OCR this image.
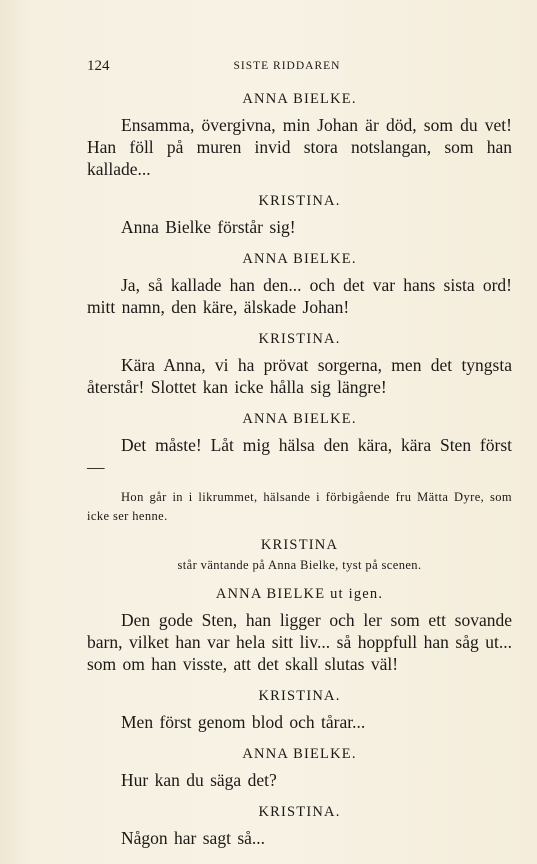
124	SISTE RIDDAREN

ANNA BIELKE.

Ensamma, övergivna, min Johan är död, som du vet! Han föll på muren invid stora notslangan, som han kallade...

KRISTINA.

Anna Bielke förstår sig!

ANNA BIELKE.

Ja, så kallade han den... och det var hans sista ord! mitt namn, den käre, älskade Johan!

KRISTINA.

Kära Anna, vi ha prövat sorgerna, men det tyngsta återstår! Slottet kan icke hålla sig längre!

ANNA BIELKE.

Det måste! Låt mig hälsa den kära, kära Sten först —

Hon går in i likrummet, hälsande i förbigående fru Mätta Dyre, som icke ser henne.

KRISTINA

står väntande på Anna Bielke, tyst på scenen.

ANNA BIELKE ut igen.

Den gode Sten, han ligger och ler som ett sovande barn, vilket han var hela sitt liv... så hoppfull han såg ut... som om han visste, att det skall slutas väl!

KRISTINA.

Men först genom blod och tårar...

ANNA BIELKE.

Hur kan du säga det?

KRISTINA.

Någon har sagt så...
